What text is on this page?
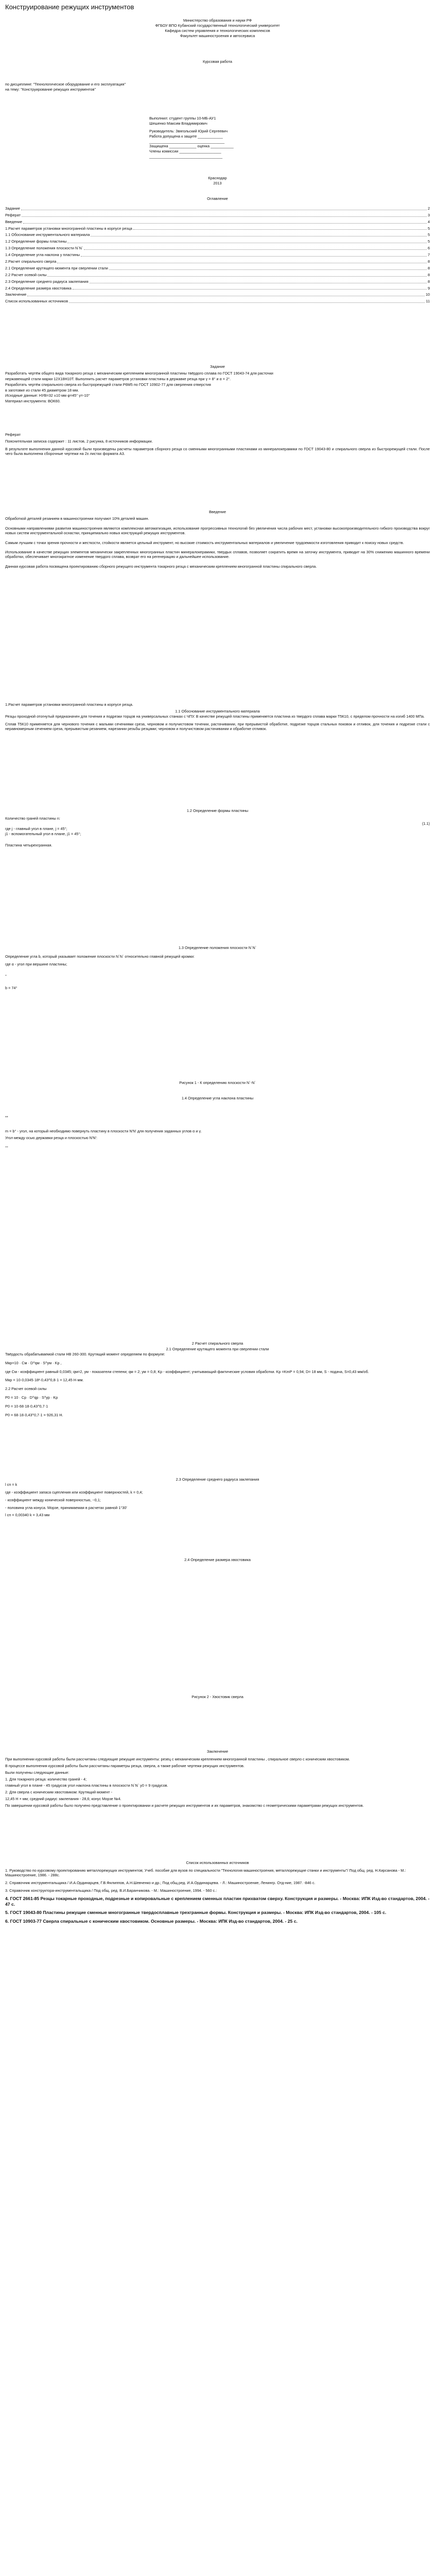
Конструирование режущих инструментов

Министерство образования и науки РФ

ФГБОУ ВПО Кубанский государственный технологический университет

Кафедра систем управления и технологических комплексов

Факультет машиностроения и автосервиса

Курсовая работа

по дисциплине: "Технологическое оборудование и его эксплуатация"

на тему: "Конструирование режущих инструментов"

Выполнил: студент группы 10-МБ-АУ1

Шешенко Максим Владимирович

Руководитель: Звягольский Юрий Сергеевич

Работа допущена к защите ____________

____________________________________

Защищена _____________ оценка ___________

Члены комиссии ____________________

___________________________________

Краснодар

2013

Оглавление

Задание	2
Реферат	3
Введение	4
1.Расчет параметров установки многогранной пластины в корпусе резца	5
1.1 Обоснование инструментального материала	5
1.2 Определение формы пластины	5
1.3 Определение положения плоскости N`N`	6
1.4 Определение угла наклона у пластины	7
2.Расчет спирального сверла	8
2.1 Определение крутящего момента при сверлении стали	8
2.2 Расчет осевой силы	8
2.3 Определение среднего радиуса заклепания	8
2.4 Определение размера хвостовика	9
Заключение	10
Список использованных источников	11

Задание

Разработать чертёж общего вида токарного резца с механическим креплением многогранной пластины твёрдого сплава по ГОСТ 19043-74 для расточки

нержавеющей стали марки 12Х18Н10Т. Выполнить расчет параметров установки пластины в державке резца при γ = 8° и α = 2°.

Разработать чертёж спирального сверла из быстрорежущей стали Р6М5 по ГОСТ 10902-77 для сверления отверстия

в заготовке из стали 45 диаметром 18 мм.

Исходные данные: НУВ=32 ±10 мм φ=45° γ=-10°

Материал инструмента: ВОК60.

Реферат

Пояснительная записка содержит : 11 листов, 2 рисунка, 8 источников информации.

В результате выполнения данной курсовой были произведены расчеты параметров сборного резца со сменными многогранными пластинами из минералокерамики по ГОСТ 19043-80 и спирального сверла из быстрорежущей стали. После чего была выполнена сборочные чертежи на 2х листах формата А3.

Введение

Обработкой деталей резанием в машиностроении получают 10% деталей машин.

Основными направлениями развития машиностроения являются комплексная автоматизация, использование прогрессивных технологий без увеличения числа рабочих мест, установки высокопроизводительного гибкого производства вокруг новых систем инструментальной оснастки, принципиально новых конструкций режущих инструментов.

Самым лучшим с точки зрения прочности и жесткости, стойкости является цельный инструмент, но высокие стоимость инструментальных материалов и увеличение трудоемкости изготовления приводит к поиску новых средств.

Использование в качестве режущих элементов механически закрепленных многогранных пластин минералокерамики, твердых сплавов, позволяет сократить время на заточку инструмента, приводит на 30% снижению машинного времени обработки, обеспечивает многократное изменение твердого сплава, возврат его на регенерацию и дальнейшее использование.

Данная курсовая работа посвящена проектированию сборного режущего инструмента токарного резца с механическим креплением многогранной пластины спирального сверла.

1.Расчет параметров установки многогранной пластины в корпусе резца.

1.1 Обоснование инструментального материала

Резцы проходной отогнутый предназначен для точения и подрезки торцов на универсальных станках с ЧПУ. В качестве режущей пластины применяется пластина из твердого сплава марки Т5К10, с пределом прочности на изгиб 1400 МПа.

Сплав Т5К10 применяется для чернового точения с малыми сечениями среза, черновом и получистовом точении, растачивании, при прерывистой обработке, подрезке торцов стальных поковок и отливок, для точения и подрезке стали с неравномерным сечением среза, прерывистым резанием, нарезании резьбы резцами; черновом и получистовом растачивании и обработке отливок.

1.2 Определение формы пластины

Количество граней пластины n:

(1.1)

где j - главный угол в плане, j = 45°;

j1 - вспомогательный угол в плане, j1 = 45°;

Пластина четырехгранная.

1.3 Определение положения плоскости N`N`

Определение угла b, который указывает положение плоскости N`N` относительно главной режущей кромки:

где α - угол при вершине пластины;

°

b = 74°

Рисунок 1 - К определению плоскости N`-N`

1.4 Определение угла наклона пластины

**

m = b° - угол, на который необходимо повернуть пластину в плоскости N'N' для получения заданных углов α и γ.

Угол между осью державки резца и плоскостью N'N':

°°

2 Расчет спирального сверла

2.1 Определение крутящего момента при сверлении стали

Твёрдость обрабатываемой стали НВ 260-300. Крутящий момент определяем по формуле:

Mкр=10 · Cм · D^qм · S^yм · Kp ,

где Cм - коэффициент равный 0,0345; qм=2, ум - показатели степени; qм = 2; ум = 0,8; Kp - коэффициент; учитывающий фактические условия обработки. Kp =KmP = 0,94; D= 18 мм, S - подача, S=0,43 мм/об.

Мкр = 10·0,0345·18²·0,43^0,8·1 = 12,45 Н·мм.

2.2 Расчет осевой силы

P0 = 10 · Cp · D^qp · S^yp · Kp

P0 = 10·68·18·0,43^0,7·1

P0 = 68·18·0,43^0,7·1 = 926,31 Н.

2.3 Определение среднего радиуса заклепания

l сп = k

где - коэффициент запаса сцепления или коэффициент поверхностей, k = 0,4;

- коэффициент между конической поверхностью, ~0,1;

- половина угла конуса. Морзе, принимаемая в расчетах равной 1°30'

l сп = 0,00340 k = 3,43 мм

2.4 Определение размера хвостовика

Рисунок 2 - Хвостовик сверла

Заключение

При выполнении курсовой работы были рассчитаны следующие режущие инструменты: резец с механическим креплением многогранной пластины , спиральное сверло с коническим хвостовиком.

В процессе выполнения курсовой работы были рассчитаны параметры резца, сверла, а также рабочие чертежи режущих инструментов.

Были получены следующие данные:

1. Для токарного резца: количество граней - 4;

главный угол в плане - 45 градусов угол наклона пластины в плоскости N`N` у0 = 9 градусов.

2. Для сверла с коническим хвостовиком: Крутящий момент -

12,45 Н × мм; средний радиус заклепания - 28,6; конус Морзе №4.

По завершении курсовой работы было получено представление о проектировании и расчете режущих инструментов и их параметров, знакомство с геометрическими параметрами режущих инструментов.

Список использованных источников

1. Руководство по курсовому проектированию металлорежущих инструментов; Учеб. пособие для вузов по специальности "Технология машиностроения, металлорежущие станки и инструменты"/ Под общ. ред. Н.Кирсанова - М.: Машиностроение, 1986. - 288с.

2. Справочник инструментальщика / И.А.Ординарцев, Г.В.Филиппов, А.Н.Шевченко и др.; Под общ.ред. И.А.Ординарцева. - Л.: Машиностроение, Ленингр. Отд-ние, 1987. -846 с.

3. Справочник конструктора-инструментальщика / Под общ. ред. В.И.Баранчикова. - М.: Машиностроение, 1994. - 560 с.:

4. ГОСТ 2661-85 Резцы токарные проходные, подрезные и копировальные с креплением сменных пластин прихватом сверху. Конструкция и размеры. - Москва: ИПК Изд-во стандартов, 2004. - 47 с.

5. ГОСТ 19043-80 Пластины режущие сменные многогранные твердосплавные трехгранные формы. Конструкция и размеры. - Москва: ИПК Изд-во стандартов, 2004. - 105 с.

6. ГОСТ 10903-77 Сверла спиральные с коническим хвостовиком. Основные размеры. - Москва: ИПК Изд-во стандартов, 2004. - 25 с.
